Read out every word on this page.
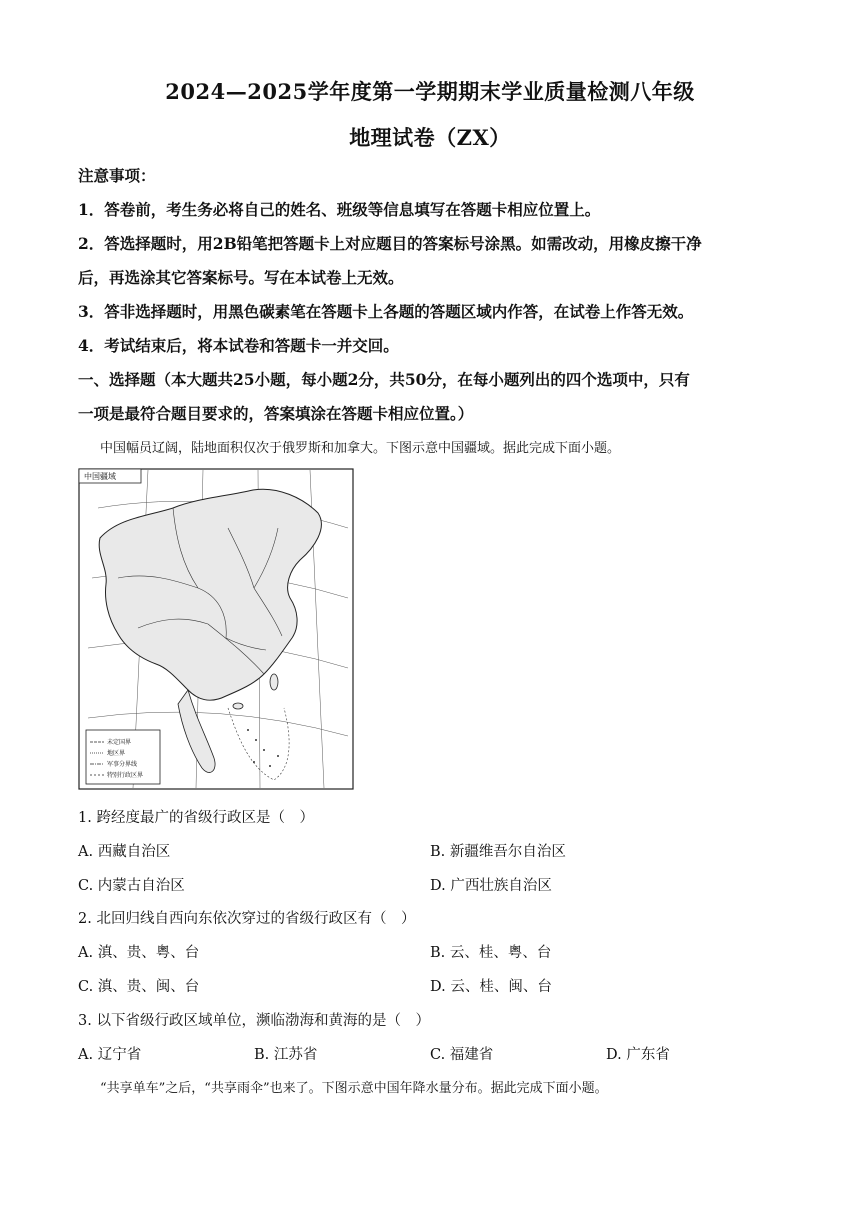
2024—2025学年度第一学期期末学业质量检测八年级
地理试卷（ZX）
注意事项：
1．答卷前，考生务必将自己的姓名、班级等信息填写在答题卡相应位置上。
2．答选择题时，用2B铅笔把答题卡上对应题目的答案标号涂黑。如需改动，用橡皮擦干净
后，再选涂其它答案标号。写在本试卷上无效。
3．答非选择题时，用黑色碳素笔在答题卡上各题的答题区域内作答，在试卷上作答无效。
4．考试结束后，将本试卷和答题卡一并交回。
一、选择题（本大题共25小题，每小题2分，共50分，在每小题列出的四个选项中，只有
一项是最符合题目要求的，答案填涂在答题卡相应位置。）
中国幅员辽阔，陆地面积仅次于俄罗斯和加拿大。下图示意中国疆域。据此完成下面小题。
中国疆域
未定国界
地区界
军事分界线
特别行政区界
1. 跨经度最广的省级行政区是（　）
A. 西藏自治区	B. 新疆维吾尔自治区
C. 内蒙古自治区	D. 广西壮族自治区
2. 北回归线自西向东依次穿过的省级行政区有（　）
A. 滇、贵、粤、台	B. 云、桂、粤、台
C. 滇、贵、闽、台	D. 云、桂、闽、台
3. 以下省级行政区域单位，濒临渤海和黄海的是（　）
A. 辽宁省	B. 江苏省	C. 福建省	D. 广东省
“共享单车”之后，“共享雨伞”也来了。下图示意中国年降水量分布。据此完成下面小题。
